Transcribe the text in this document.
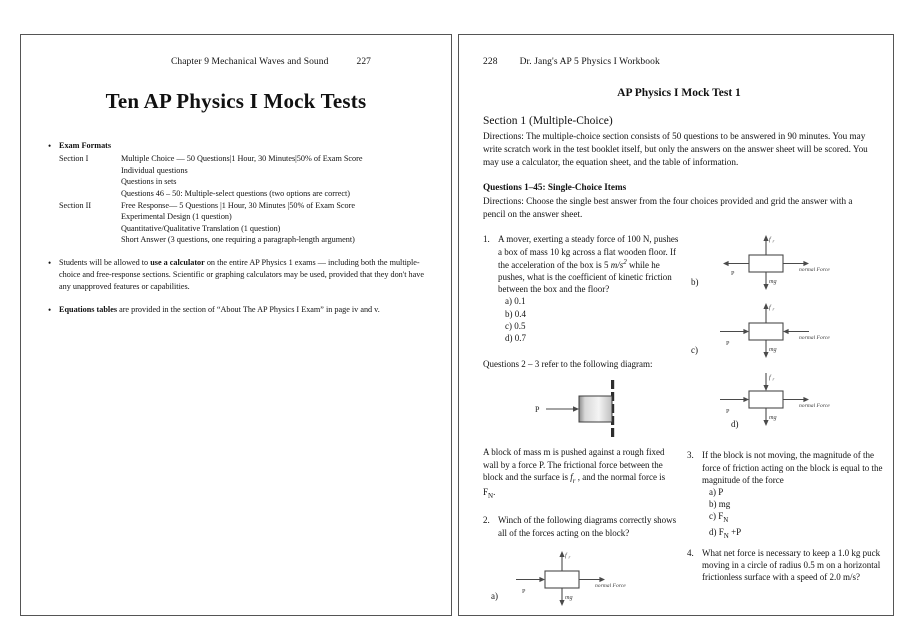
Chapter 9 Mechanical Waves and Sound	227
Ten AP Physics I Mock Tests
• Exam Formats
Section I	Multiple Choice — 50 Questions|1 Hour, 30 Minutes|50% of Exam Score
	Individual questions
	Questions in sets
	Questions 46 – 50: Multiple-select questions (two options are correct)
Section II	Free Response— 5 Questions |1 Hour, 30 Minutes |50% of Exam Score
	Experimental Design (1 question)
	Quantitative/Qualitative Translation (1 question)
	Short Answer (3 questions, one requiring a paragraph-length argument)
• Students will be allowed to use a calculator on the entire AP Physics 1 exams — including both the multiple-choice and free-response sections. Scientific or graphing calculators may be used, provided that they don't have any unapproved features or capabilities.
• Equations tables are provided in the section of “About The AP Physics I Exam” in page iv and v.
228 Dr. Jang's AP 5 Physics I Workbook
AP Physics I Mock Test 1
Section 1 (Multiple-Choice)
Directions: The multiple-choice section consists of 50 questions to be answered in 90 minutes. You may write scratch work in the test booklet itself, but only the answers on the answer sheet will be scored. You may use a calculator, the equation sheet, and the table of information.
Questions 1–45: Single-Choice Items
Directions: Choose the single best answer from the four choices provided and grid the answer with a pencil on the answer sheet.
1. A mover, exerting a steady force of 100 N, pushes a box of mass 10 kg across a flat wooden floor. If the acceleration of the box is 5 $m/s^2$ while he pushes, what is the coefficient of kinetic friction between the box and the floor?
a) 0.1
b) 0.4
c) 0.5
d) 0.7
Questions 2 – 3 refer to the following diagram:
P
A block of mass m is pushed against a rough fixed wall by a force P. The frictional force between the block and the surface is $f_r$ , and the normal force is $F_N$.
2. Winch of the following diagrams correctly shows all of the forces acting on the block?
f r
P
normal Force
mg
a)
f r
P	normal Force
mg
b)
f r
P
normal Force
mg
c)
f r
P
normal Force
mg
d)
3. If the block is not moving, the magnitude of the force of friction acting on the block is equal to the magnitude of the force
a) P
b) mg
c) $F_N$
d) $F_N +P$
4. What net force is necessary to keep a 1.0 kg puck moving in a circle of radius 0.5 m on a horizontal frictionless surface with a speed of 2.0 m/s?
